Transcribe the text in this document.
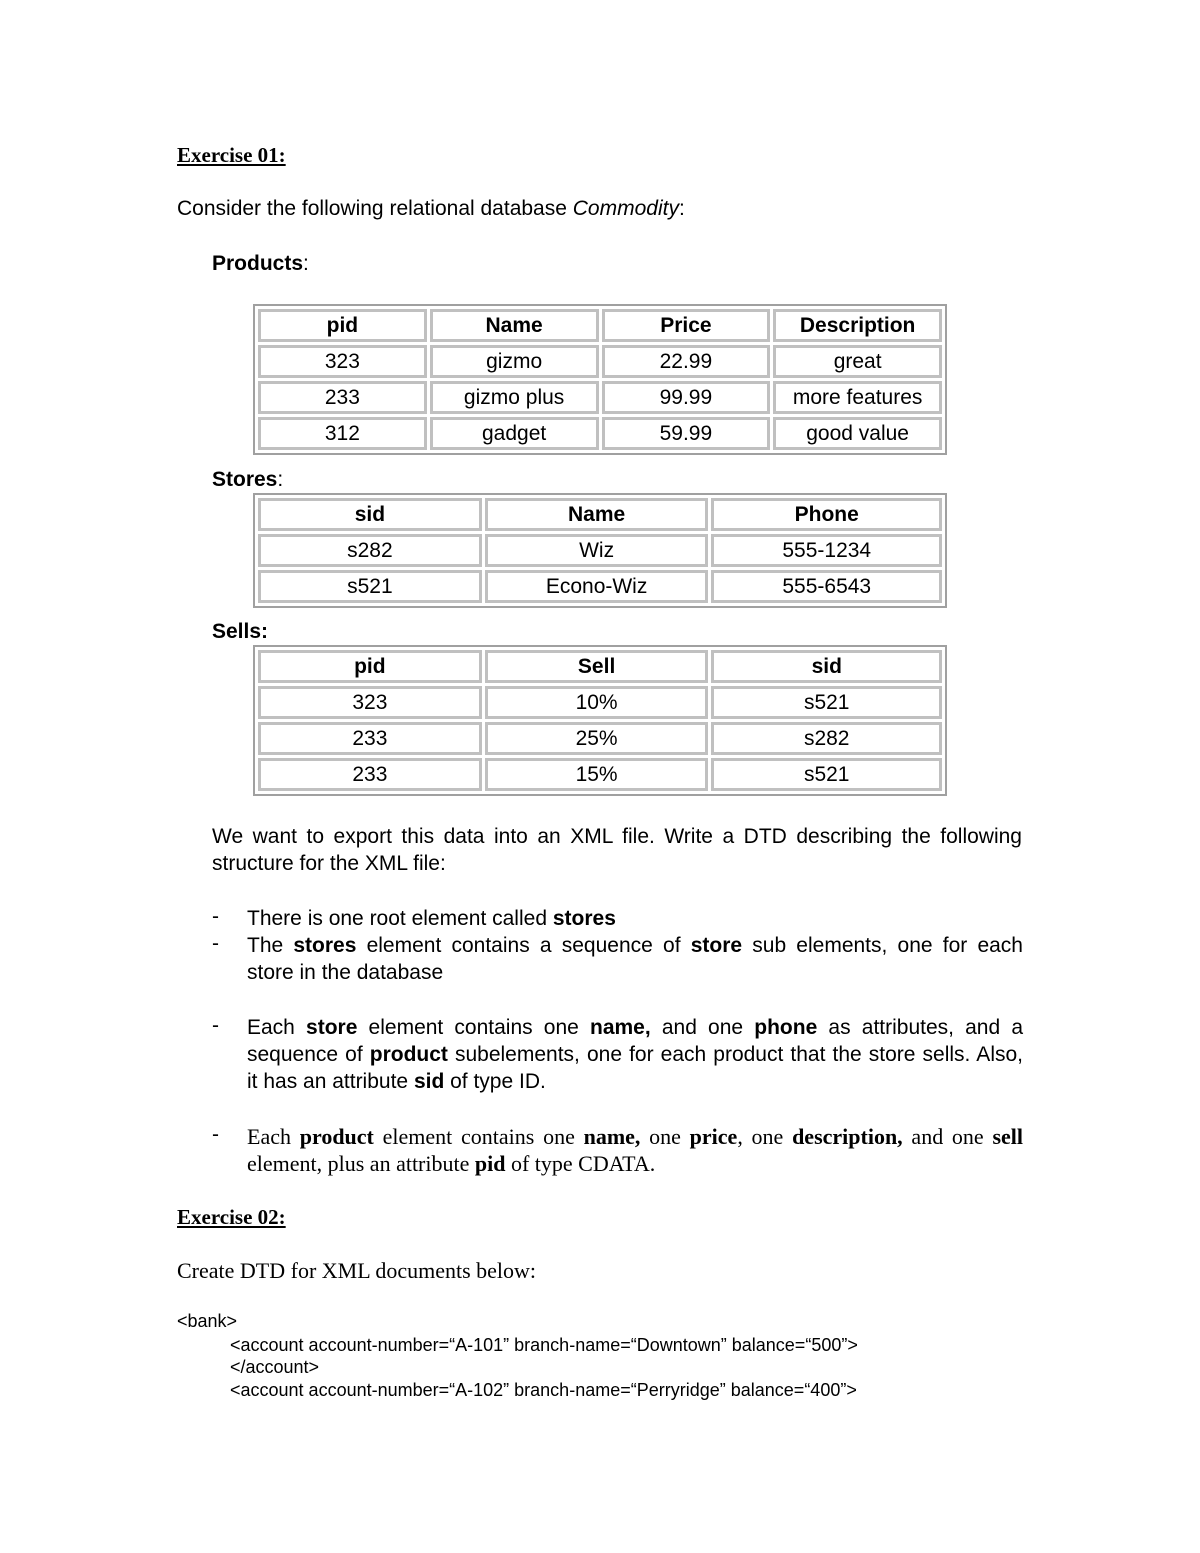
Exercise 01:
Consider the following relational database Commodity:
Products:
pid	Name	Price	Description
323	gizmo	22.99	great
233	gizmo plus	99.99	more features
312	gadget	59.99	good value
Stores:
sid	Name	Phone
s282	Wiz	555-1234
s521	Econo-Wiz	555-6543
Sells:
pid	Sell	sid
323	10%	s521
233	25%	s282
233	15%	s521
We want to export this data into an XML file. Write a DTD describing the following structure for the XML file:
- There is one root element called stores
- The stores element contains a sequence of store sub elements, one for each store in the database
- Each store element contains one name, and one phone as attributes, and a sequence of product subelements, one for each product that the store sells. Also, it has an attribute sid of type ID.
- Each product element contains one name, one price, one description, and one sell element, plus an attribute pid of type CDATA.
Exercise 02:
Create DTD for XML documents below:
<bank>
<account account-number=“A-101” branch-name=“Downtown” balance=“500”>
</account>
<account account-number=“A-102” branch-name=“Perryridge” balance=“400”>
